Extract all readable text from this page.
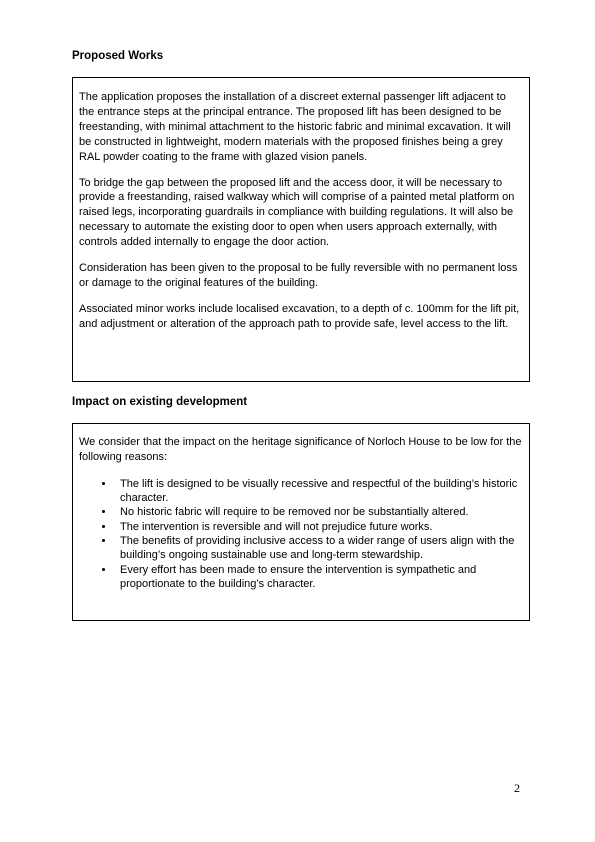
Proposed Works

The application proposes the installation of a discreet external passenger lift adjacent to the entrance steps at the principal entrance. The proposed lift has been designed to be freestanding, with minimal attachment to the historic fabric and minimal excavation. It will be constructed in lightweight, modern materials with the proposed finishes being a grey RAL powder coating to the frame with glazed vision panels.

To bridge the gap between the proposed lift and the access door, it will be necessary to provide a freestanding, raised walkway which will comprise of a painted metal platform on raised legs, incorporating guardrails in compliance with building regulations. It will also be necessary to automate the existing door to open when users approach externally, with controls added internally to engage the door action.

Consideration has been given to the proposal to be fully reversible with no permanent loss or damage to the original features of the building.

Associated minor works include localised excavation, to a depth of c. 100mm for the lift pit, and adjustment or alteration of the approach path to provide safe, level access to the lift.

Impact on existing development

We consider that the impact on the heritage significance of Norloch House to be low for the following reasons:

• The lift is designed to be visually recessive and respectful of the building’s historic character.
• No historic fabric will require to be removed nor be substantially altered.
• The intervention is reversible and will not prejudice future works.
• The benefits of providing inclusive access to a wider range of users align with the building’s ongoing sustainable use and long-term stewardship.
• Every effort has been made to ensure the intervention is sympathetic and proportionate to the building’s character.
2
